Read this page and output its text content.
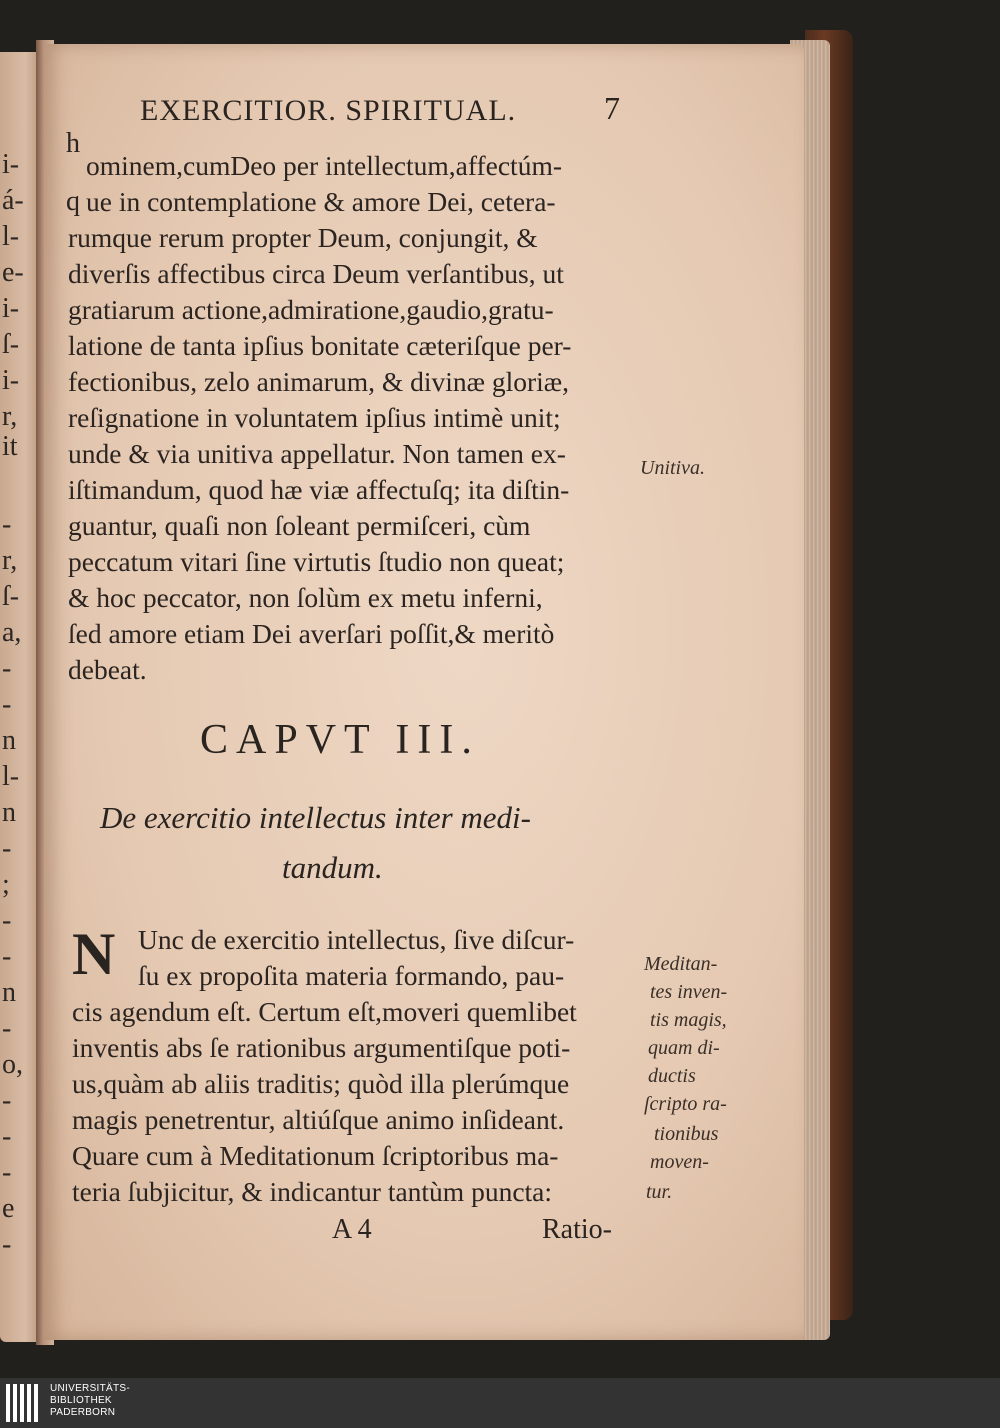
i-
á-
l-
e-
i-
ſ-
i-
r,
it
-
r,
ſ-
a,
-
-
n
l-
n
-
;
-
-
n
-
o,
-
-
-
e
-
EXERCITIOR. SPIRITUAL.	7
h
q
ominem,cumDeo per intellectum,affectúm-
ue in contemplatione & amore Dei, cetera-
rumque rerum propter Deum, conjungit, &
diverſis affectibus circa Deum verſantibus, ut
gratiarum actione,admiratione,gaudio,gratu-
latione de tanta ipſius bonitate cæteriſque per-
fectionibus, zelo animarum, & divinæ gloriæ,
reſignatione in voluntatem ipſius intimè unit;
unde & via unitiva appellatur. Non tamen ex-
iſtimandum, quod hæ viæ affectuſq; ita diſtin-
guantur, quaſi non ſoleant permiſceri, cùm
peccatum vitari ſine virtutis ſtudio non queat;
& hoc peccator, non ſolùm ex metu inferni,
ſed amore etiam Dei averſari poſſit,& meritò
debeat.
CAPVT III.
De exercitio intellectus inter medi-
tandum.
N Unc de exercitio intellectus, ſive diſcur-
ſu ex propoſita materia formando, pau-
cis agendum eſt. Certum eſt,moveri quemlibet
inventis abs ſe rationibus argumentiſque poti-
us,quàm ab aliis traditis; quòd illa plerúmque
magis penetrentur, altiúſque animo inſideant.
Quare cum à Meditationum ſcriptoribus ma-
teria ſubjicitur, & indicantur tantùm puncta:
A 4	Ratio-
Unitiva.
Meditan-
tes inven-
tis magis,
quam di-
ductis
ſcripto ra-
tionibus
moven-
tur.
UNIVERSITÄTS-
BIBLIOTHEK
PADERBORN
